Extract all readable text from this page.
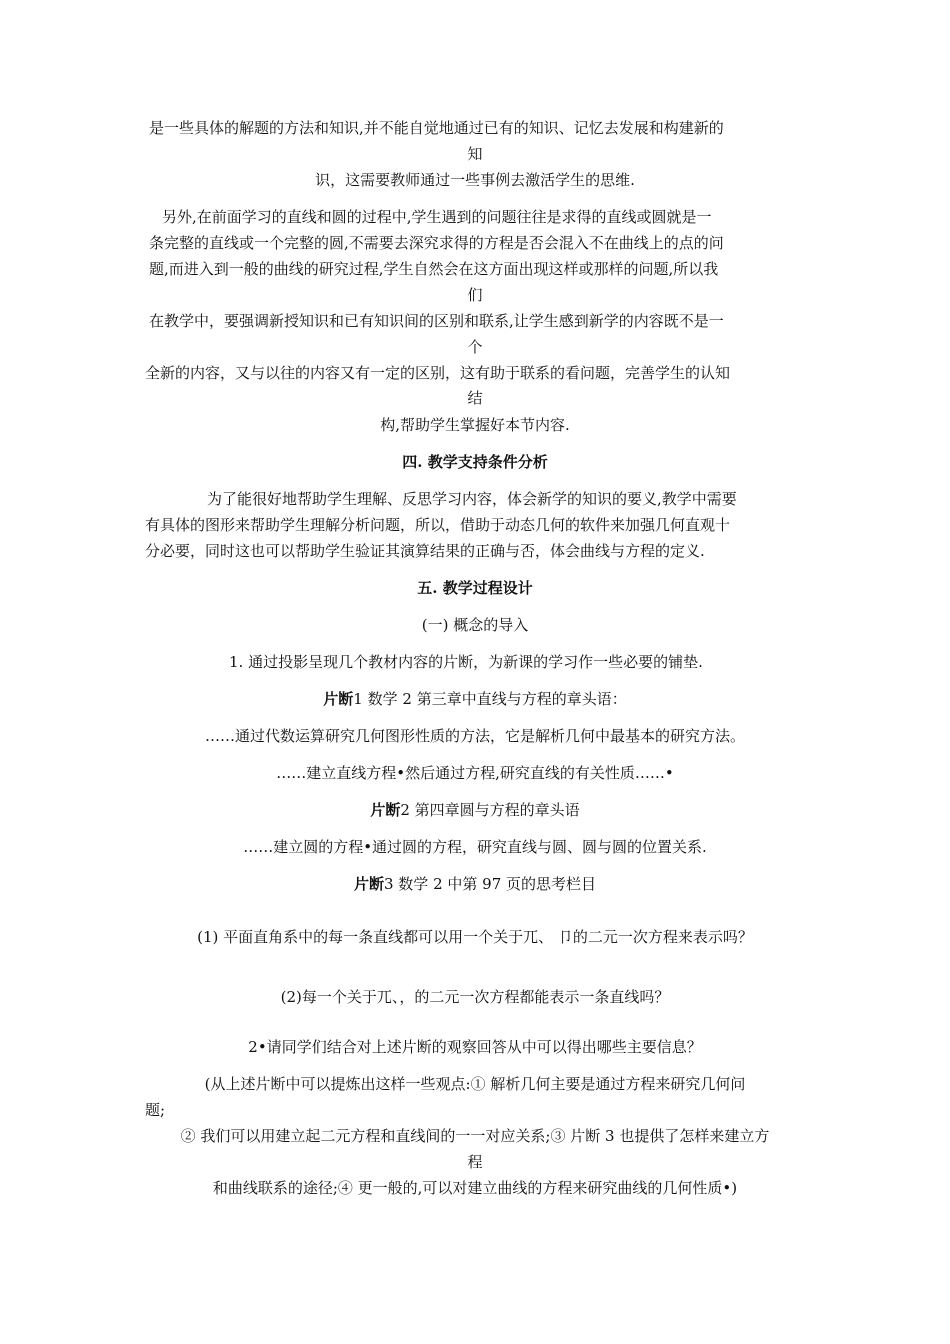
是一些具体的解题的方法和知识,并不能自觉地通过已有的知识、记忆去发展和构建新的

知

识，这需要教师通过一些事例去激活学生的思维.

另外,在前面学习的直线和圆的过程中,学生遇到的问题往往是求得的直线或圆就是一

条完整的直线或一个完整的圆,不需要去深究求得的方程是否会混入不在曲线上的点的问

题,而进入到一般的曲线的研究过程,学生自然会在这方面出现这样或那样的问题,所以我

们

在教学中，要强调新授知识和已有知识间的区别和联系,让学生感到新学的内容既不是一

个

全新的内容，又与以往的内容又有一定的区别，这有助于联系的看问题，完善学生的认知

结

构,帮助学生掌握好本节内容.

四. 教学支持条件分析

为了能很好地帮助学生理解、反思学习内容，体会新学的知识的要义,教学中需要

有具体的图形来帮助学生理解分析问题，所以，借助于动态几何的软件来加强几何直观十

分必要，同时这也可以帮助学生验证其演算结果的正确与否，体会曲线与方程的定义.

五. 教学过程设计

(一) 概念的导入

1. 通过投影呈现几个教材内容的片断，为新课的学习作一些必要的铺垫.

片断1 数学 2 第三章中直线与方程的章头语：

……通过代数运算研究几何图形性质的方法，它是解析几何中最基本的研究方法。

……建立直线方程•然后通过方程,研究直线的有关性质……•

片断2 第四章圆与方程的章头语

……建立圆的方程•通过圆的方程，研究直线与圆、圆与圆的位置关系.

片断3 数学 2 中第 97 页的思考栏目

(1) 平面直角系中的每一条直线都可以用一个关于兀、 卩的二元一次方程来表示吗？

(2)每一个关于兀、，的二元一次方程都能表示一条直线吗？

2•请同学们结合对上述片断的观察回答从中可以得出哪些主要信息？

(从上述片断中可以提炼出这样一些观点:① 解析几何主要是通过方程来研究几何问

题;

② 我们可以用建立起二元方程和直线间的一一对应关系;③ 片断 3 也提供了怎样来建立方

程

和曲线联系的途径;④ 更一般的,可以对建立曲线的方程来研究曲线的几何性质•)
